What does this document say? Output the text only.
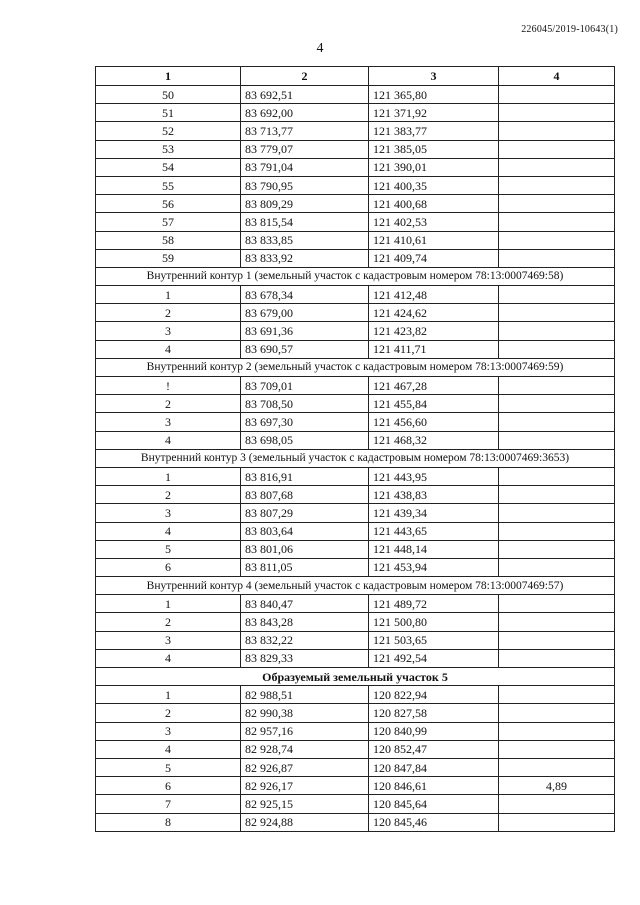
226045/2019-10643(1)
4
1	2	3	4
50	83 692,51	121 365,80	
51	83 692,00	121 371,92	
52	83 713,77	121 383,77	
53	83 779,07	121 385,05	
54	83 791,04	121 390,01	
55	83 790,95	121 400,35	
56	83 809,29	121 400,68	
57	83 815,54	121 402,53	
58	83 833,85	121 410,61	
59	83 833,92	121 409,74	
Внутренний контур 1 (земельный участок с кадастровым номером 78:13:0007469:58)			
1	83 678,34	121 412,48	
2	83 679,00	121 424,62	
3	83 691,36	121 423,82	
4	83 690,57	121 411,71	
Внутренний контур 2 (земельный участок с кадастровым номером 78:13:0007469:59)			
!	83 709,01	121 467,28	
2	83 708,50	121 455,84	
3	83 697,30	121 456,60	
4	83 698,05	121 468,32	
Внутренний контур 3 (земельный участок с кадастровым номером 78:13:0007469:3653)			
1	83 816,91	121 443,95	
2	83 807,68	121 438,83	
3	83 807,29	121 439,34	
4	83 803,64	121 443,65	
5	83 801,06	121 448,14	
6	83 811,05	121 453,94	
Внутренний контур 4 (земельный участок с кадастровым номером 78:13:0007469:57)			
1	83 840,47	121 489,72	
2	83 843,28	121 500,80	
3	83 832,22	121 503,65	
4	83 829,33	121 492,54	
Образуемый земельный участок 5			
1	82 988,51	120 822,94	
2	82 990,38	120 827,58	
3	82 957,16	120 840,99	
4	82 928,74	120 852,47	
5	82 926,87	120 847,84	
6	82 926,17	120 846,61	4,89
7	82 925,15	120 845,64	
8	82 924,88	120 845,46	
